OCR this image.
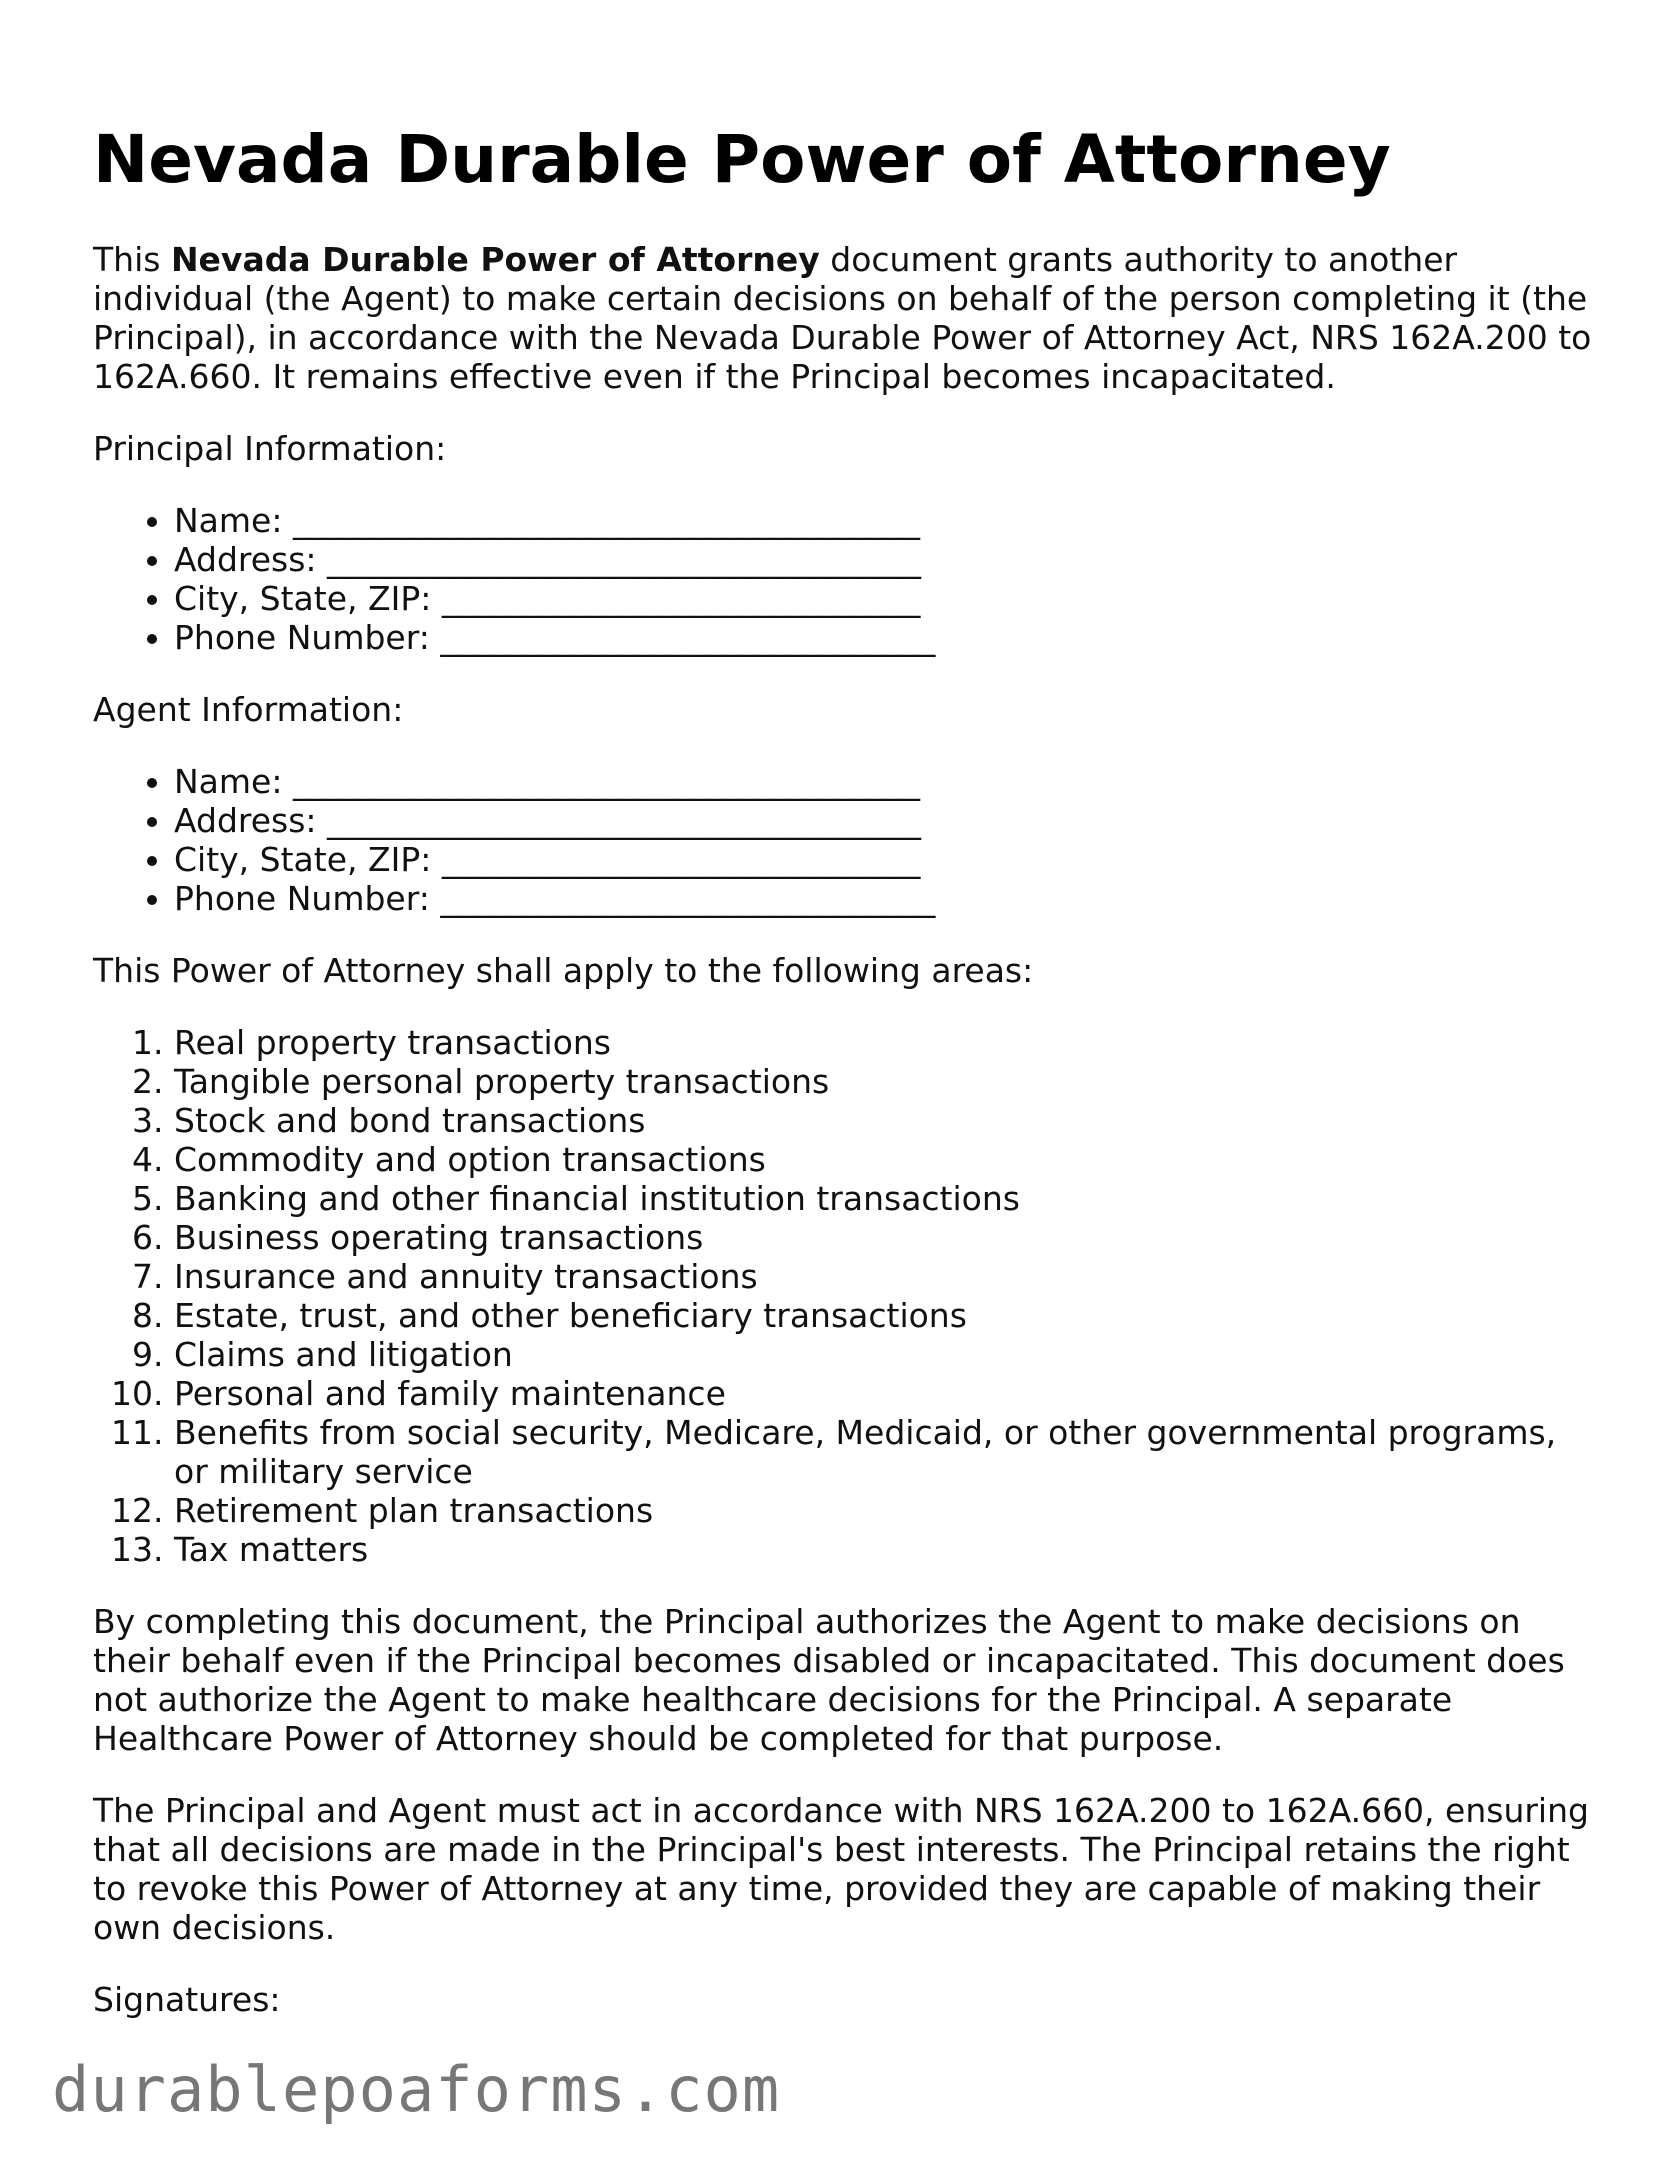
Nevada Durable Power of Attorney

This Nevada Durable Power of Attorney document grants authority to another individual (the Agent) to make certain decisions on behalf of the person completing it (the Principal), in accordance with the Nevada Durable Power of Attorney Act, NRS 162A.200 to 162A.660. It remains effective even if the Principal becomes incapacitated.

Principal Information:

• Name: ______________________________________
• Address: ____________________________________
• City, State, ZIP: _____________________________
• Phone Number: ______________________________

Agent Information:

• Name: ______________________________________
• Address: ____________________________________
• City, State, ZIP: _____________________________
• Phone Number: ______________________________

This Power of Attorney shall apply to the following areas:

1. Real property transactions
2. Tangible personal property transactions
3. Stock and bond transactions
4. Commodity and option transactions
5. Banking and other financial institution transactions
6. Business operating transactions
7. Insurance and annuity transactions
8. Estate, trust, and other beneficiary transactions
9. Claims and litigation
10. Personal and family maintenance
11. Benefits from social security, Medicare, Medicaid, or other governmental programs, or military service
12. Retirement plan transactions
13. Tax matters

By completing this document, the Principal authorizes the Agent to make decisions on their behalf even if the Principal becomes disabled or incapacitated. This document does not authorize the Agent to make healthcare decisions for the Principal. A separate Healthcare Power of Attorney should be completed for that purpose.

The Principal and Agent must act in accordance with NRS 162A.200 to 162A.660, ensuring that all decisions are made in the Principal's best interests. The Principal retains the right to revoke this Power of Attorney at any time, provided they are capable of making their own decisions.

Signatures:

durablepoaforms.com
